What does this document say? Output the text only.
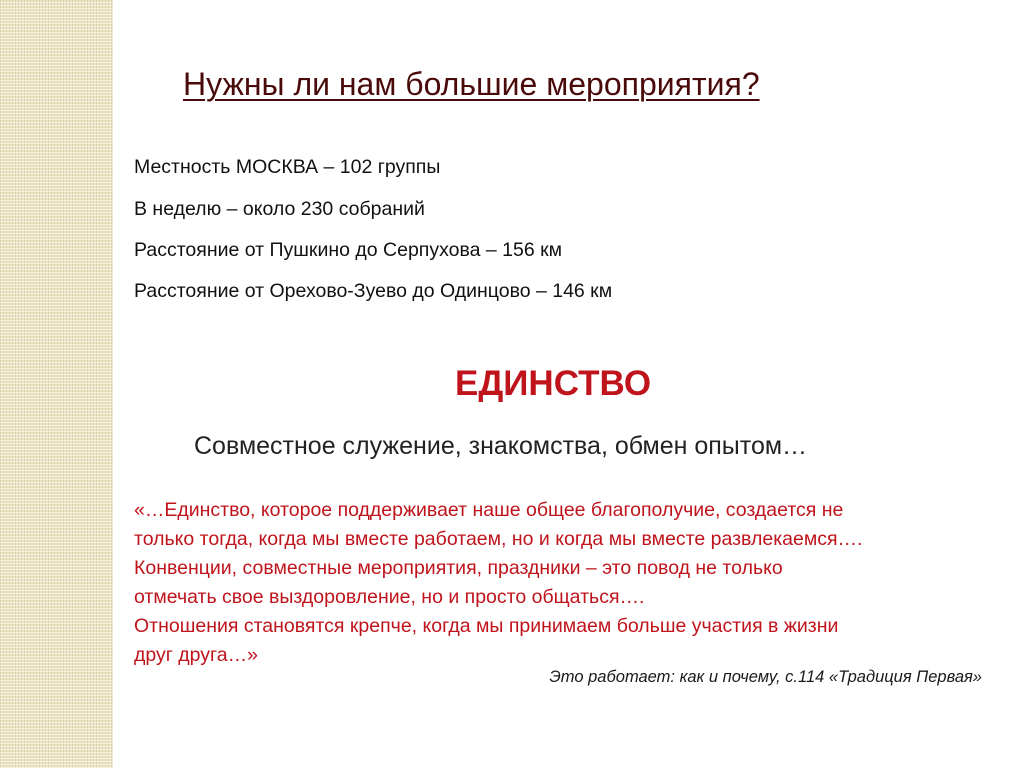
Нужны ли нам большие мероприятия?

Местность МОСКВА – 102 группы

В неделю – около 230 собраний

Расстояние от Пушкино до Серпухова – 156 км

Расстояние от Орехово-Зуево до Одинцово – 146 км

ЕДИНСТВО

Совместное служение, знакомства, обмен опытом…

«…Единство, которое поддерживает наше общее благополучие, создается не
только тогда, когда мы вместе работаем, но и когда мы вместе развлекаемся….
Конвенции, совместные мероприятия, праздники – это повод не только
отмечать свое выздоровление, но и просто общаться….
Отношения становятся крепче, когда мы принимаем больше участия в жизни
друг друга…»

Это работает: как и почему, с.114 «Традиция Первая»
